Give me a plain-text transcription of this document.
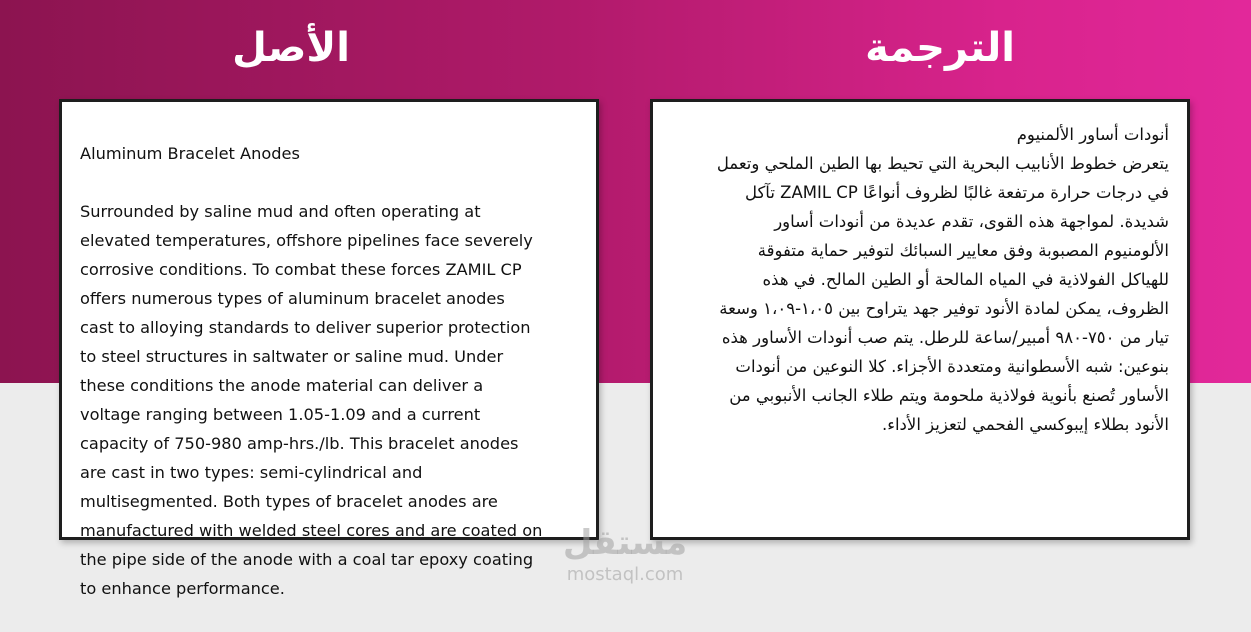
الأصل	الترجمة

Aluminum Bracelet Anodes

Surrounded by saline mud and often operating at
elevated temperatures, offshore pipelines face severely
corrosive conditions. To combat these forces ZAMIL CP
offers numerous types of aluminum bracelet anodes
cast to alloying standards to deliver superior protection
to steel structures in saltwater or saline mud. Under
these conditions the anode material can deliver a
voltage ranging between 1.05-1.09 and a current
capacity of 750-980 amp-hrs./lb. This bracelet anodes
are cast in two types: semi-cylindrical and
multisegmented. Both types of bracelet anodes are
manufactured with welded steel cores and are coated on
the pipe side of the anode with a coal tar epoxy coating
to enhance performance.

أنودات أساور الألمنيوم

يتعرض خطوط الأنابيب البحرية التي تحيط بها الطين الملحي وتعمل في درجات حرارة مرتفعة غالبًا لظروف أنواعًا ZAMIL CP تآكل شديدة. لمواجهة هذه القوى، تقدم عديدة من أنودات أساور الألومنيوم المصبوبة وفق معايير السبائك لتوفير حماية متفوقة للهياكل الفولاذية في المياه المالحة أو الطين المالح. في هذه الظروف، يمكن لمادة الأنود توفير جهد يتراوح بين ١،٠٥-١،٠٩ وسعة تيار من ٧٥٠-٩٨٠ أمبير/ساعة للرطل. يتم صب أنودات الأساور هذه بنوعين: شبه الأسطوانية ومتعددة الأجزاء. كلا النوعين من أنودات الأساور تُصنع بأنوية فولاذية ملحومة ويتم طلاء الجانب الأنبوبي من الأنود بطلاء إيبوكسي الفحمي لتعزيز الأداء.

مستقل
mostaql.com
